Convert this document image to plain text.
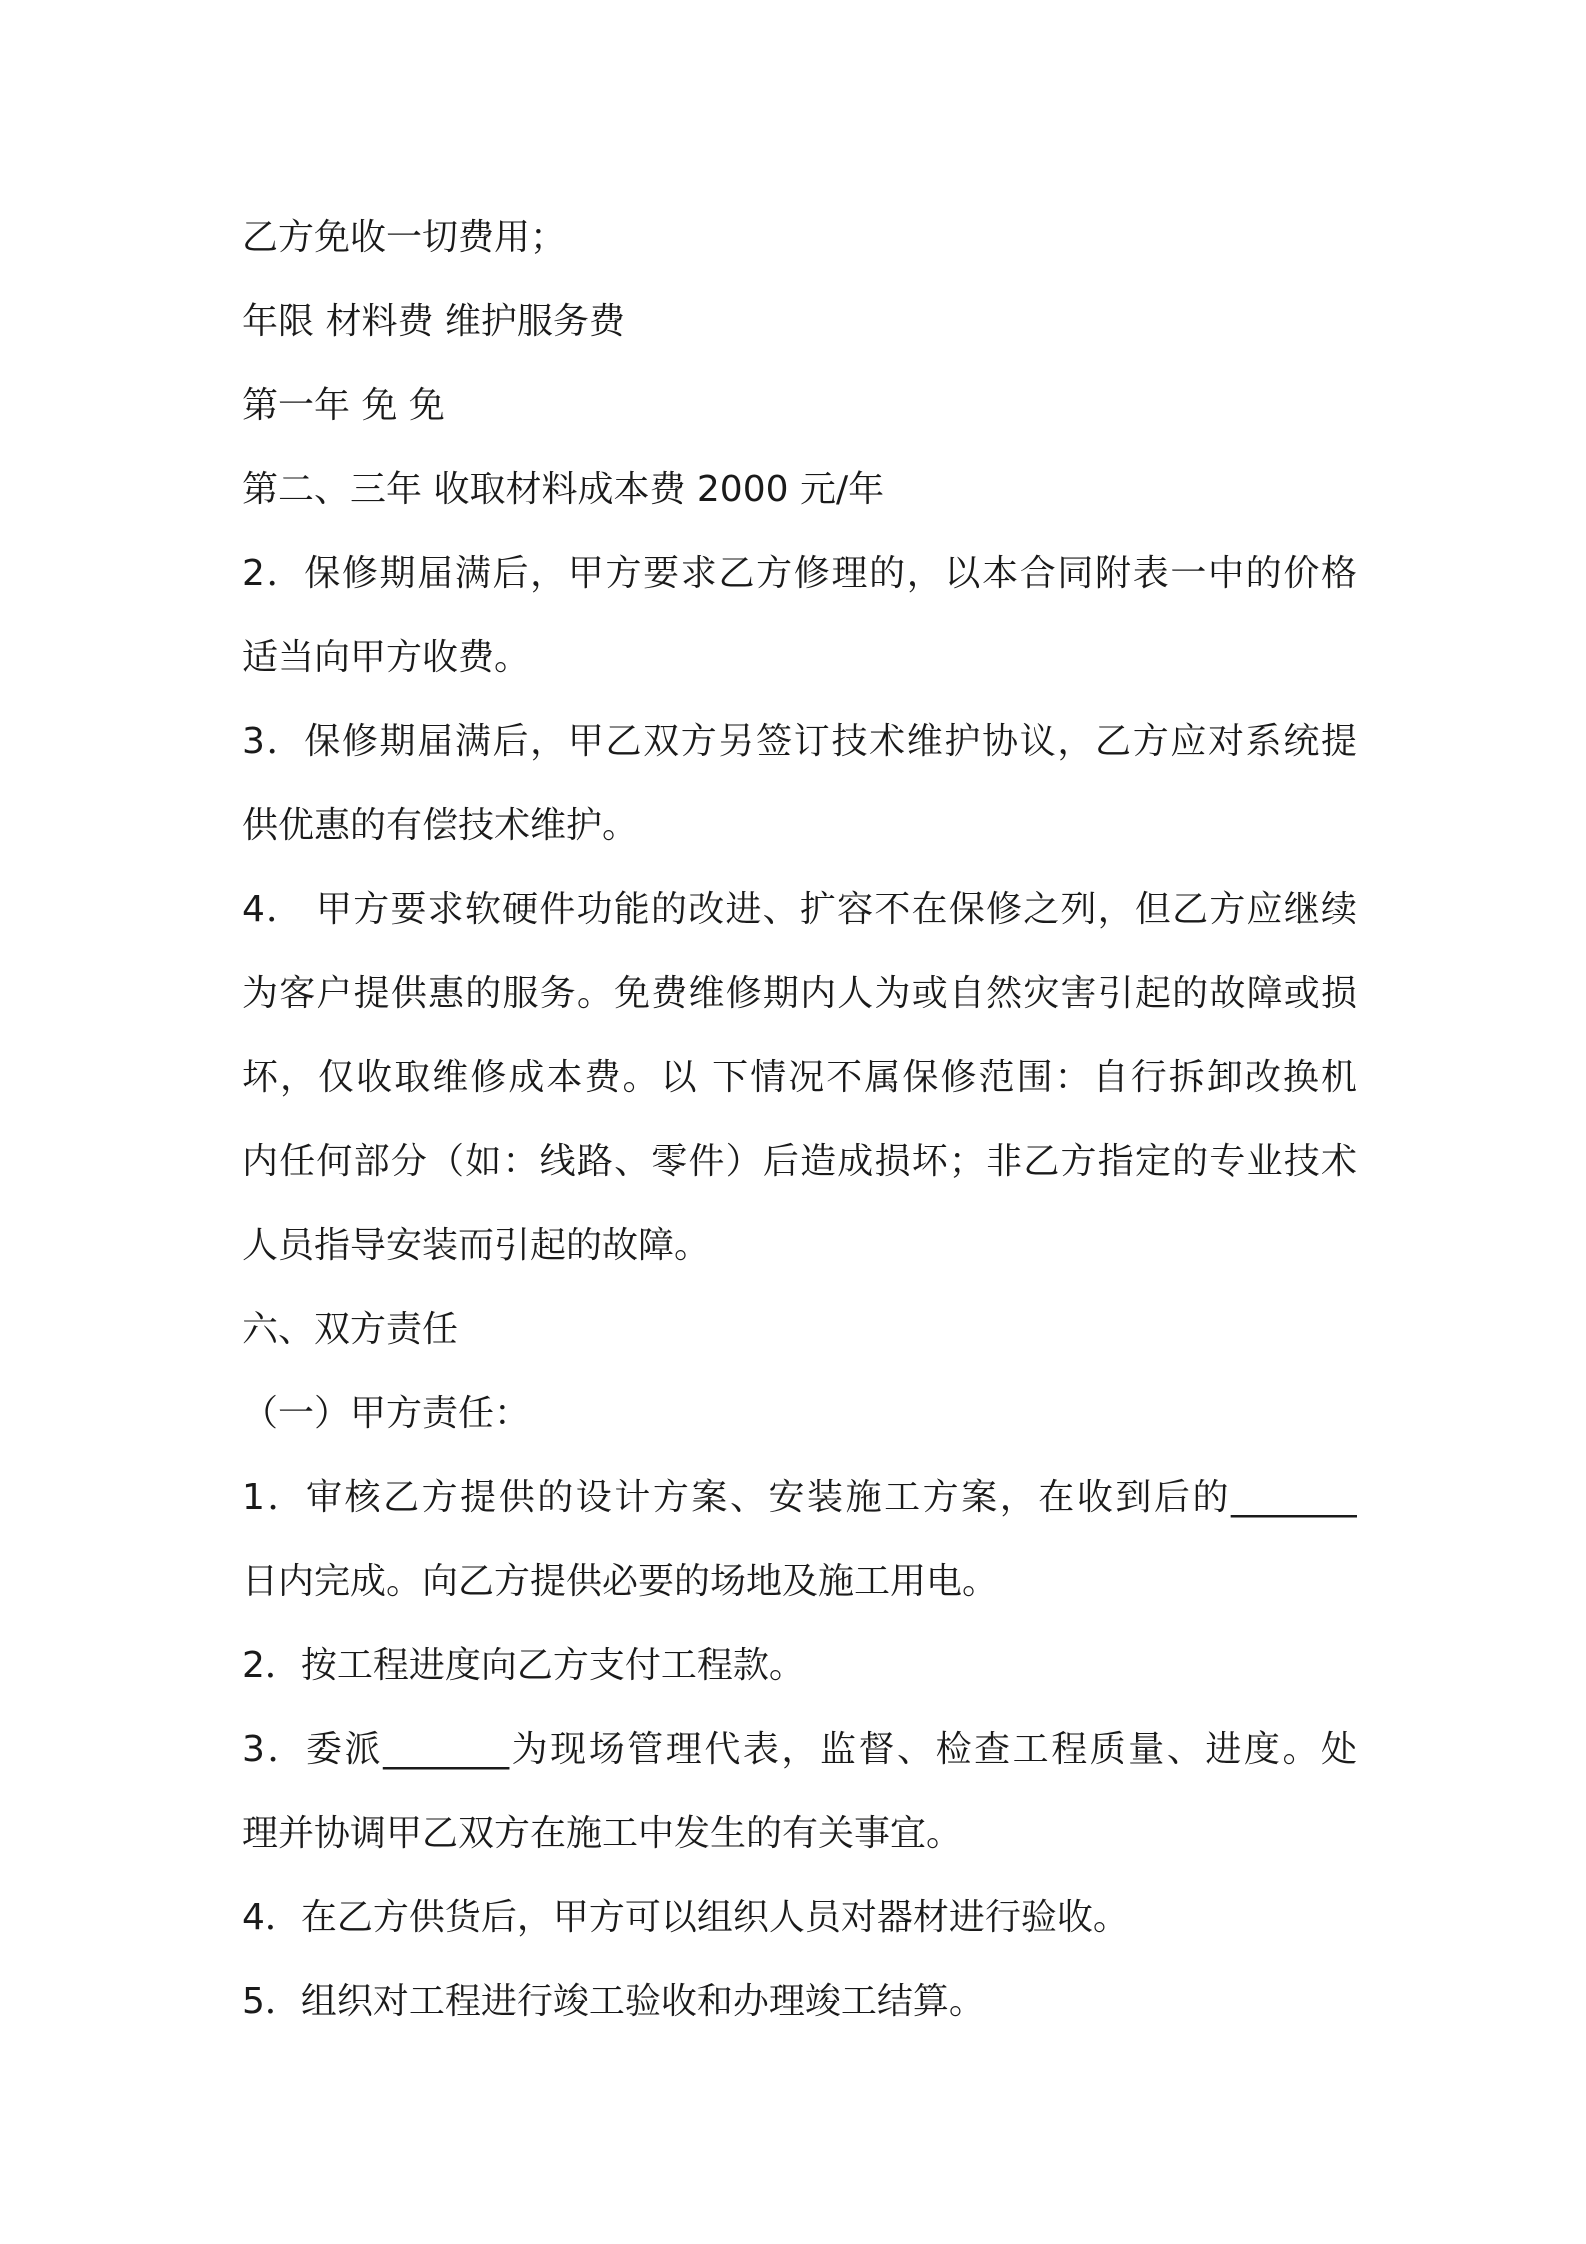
乙方免收一切费用；

年限 材料费 维护服务费

第一年 免 免

第二、三年 收取材料成本费 2000 元/年

2．保修期届满后，甲方要求乙方修理的，以本合同附表一中的价格

适当向甲方收费。

3．保修期届满后，甲乙双方另签订技术维护协议，乙方应对系统提

供优惠的有偿技术维护。

4． 甲方要求软硬件功能的改进、扩容不在保修之列，但乙方应继续

为客户提供惠的服务。免费维修期内人为或自然灾害引起的故障或损

坏，仅收取维修成本费。以 下情况不属保修范围：自行拆卸改换机

内任何部分（如：线路、零件）后造成损坏；非乙方指定的专业技术

人员指导安装而引起的故障。

六、双方责任

（一）甲方责任：

1．审核乙方提供的设计方案、安装施工方案，在收到后的_______

日内完成。向乙方提供必要的场地及施工用电。

2．按工程进度向乙方支付工程款。

3．委派_______为现场管理代表，监督、检查工程质量、进度。处

理并协调甲乙双方在施工中发生的有关事宜。

4．在乙方供货后，甲方可以组织人员对器材进行验收。

5．组织对工程进行竣工验收和办理竣工结算。
